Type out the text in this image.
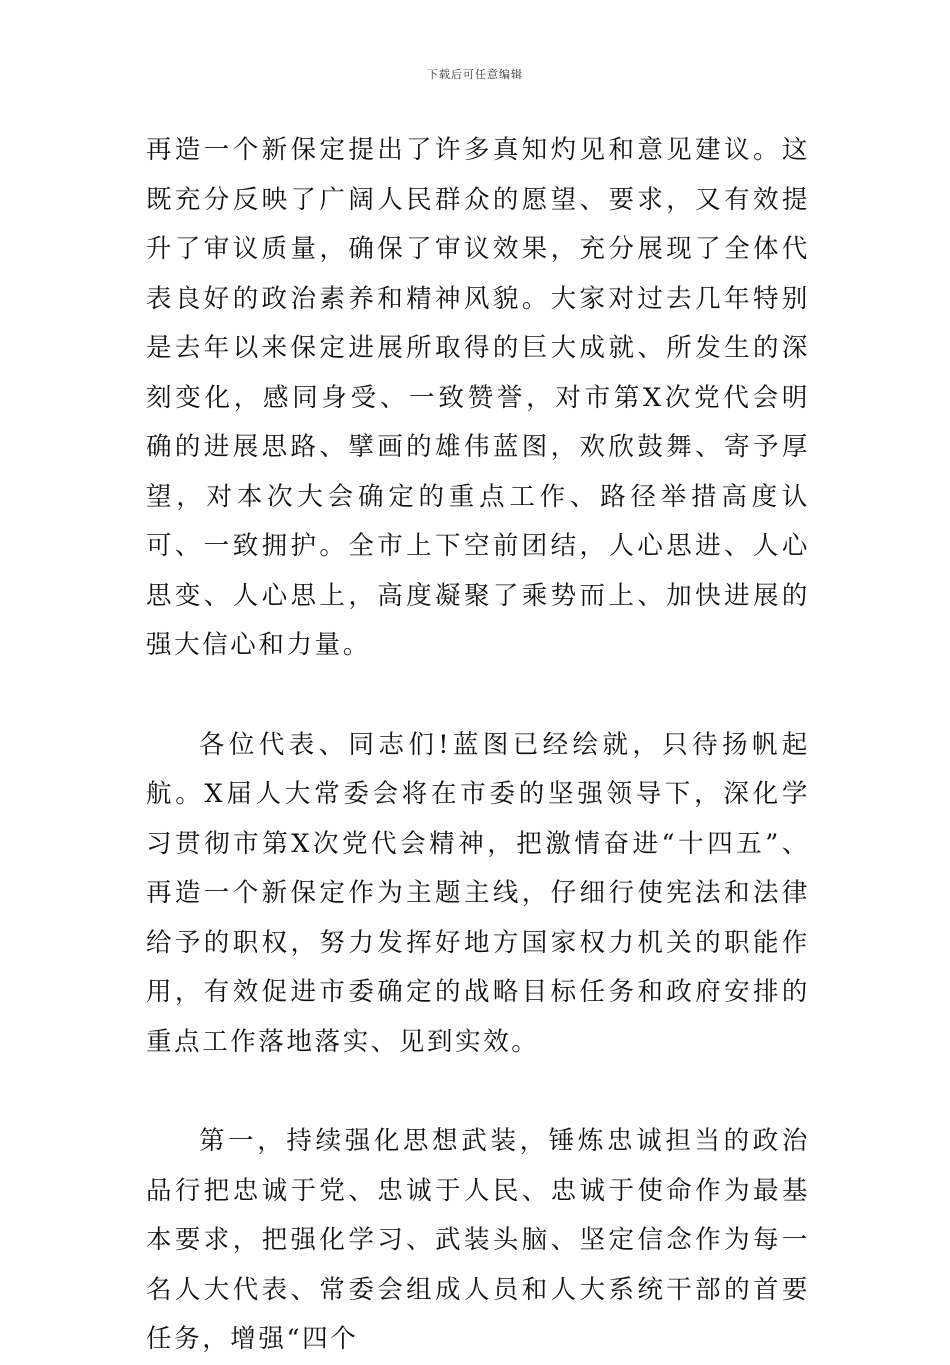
下载后可任意编辑

再造一个新保定提出了许多真知灼见和意见建议。这既充分反映了广阔人民群众的愿望、要求，又有效提升了审议质量，确保了审议效果，充分展现了全体代表良好的政治素养和精神风貌。大家对过去几年特别是去年以来保定进展所取得的巨大成就、所发生的深刻变化，感同身受、一致赞誉，对市第X次党代会明确的进展思路、擘画的雄伟蓝图，欢欣鼓舞、寄予厚望，对本次大会确定的重点工作、路径举措高度认可、一致拥护。全市上下空前团结，人心思进、人心思变、人心思上，高度凝聚了乘势而上、加快进展的强大信心和力量。

各位代表、同志们!蓝图已经绘就，只待扬帆起航。X届人大常委会将在市委的坚强领导下，深化学习贯彻市第X次党代会精神，把激情奋进“十四五”、再造一个新保定作为主题主线，仔细行使宪法和法律给予的职权，努力发挥好地方国家权力机关的职能作用，有效促进市委确定的战略目标任务和政府安排的重点工作落地落实、见到实效。

第一，持续强化思想武装，锤炼忠诚担当的政治品行把忠诚于党、忠诚于人民、忠诚于使命作为最基本要求，把强化学习、武装头脑、坚定信念作为每一名人大代表、常委会组成人员和人大系统干部的首要任务，增强“四个
